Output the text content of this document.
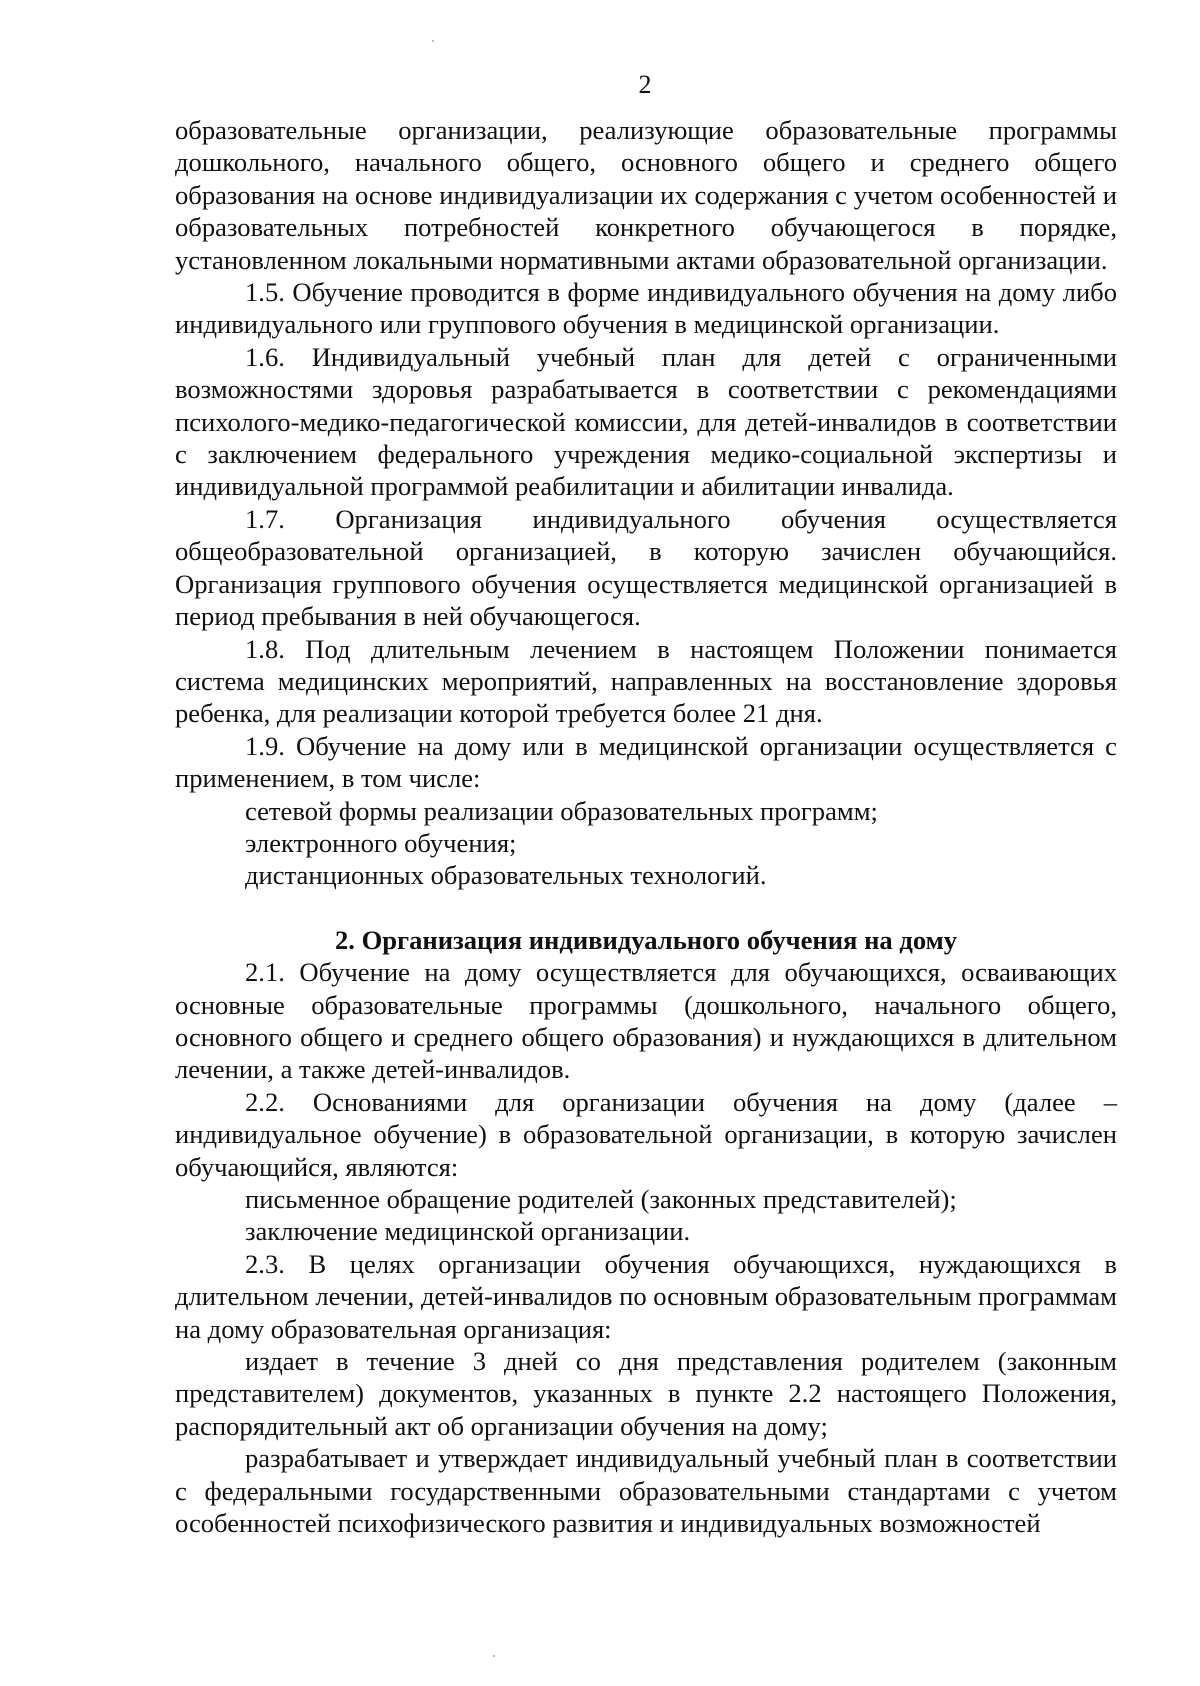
2

образовательные организации, реализующие образовательные программы дошкольного, начального общего, основного общего и среднего общего образования на основе индивидуализации их содержания с учетом особенностей и образовательных потребностей конкретного обучающегося в порядке, установленном локальными нормативными актами образовательной организации.

1.5. Обучение проводится в форме индивидуального обучения на дому либо индивидуального или группового обучения в медицинской организации.

1.6. Индивидуальный учебный план для детей с ограниченными возможностями здоровья разрабатывается в соответствии с рекомендациями психолого-медико-педагогической комиссии, для детей-инвалидов в соответствии с заключением федерального учреждения медико-социальной экспертизы и индивидуальной программой реабилитации и абилитации инвалида.

1.7. Организация индивидуального обучения осуществляется общеобразовательной организацией, в которую зачислен обучающийся. Организация группового обучения осуществляется медицинской организацией в период пребывания в ней обучающегося.

1.8. Под длительным лечением в настоящем Положении понимается система медицинских мероприятий, направленных на восстановление здоровья ребенка, для реализации которой требуется более 21 дня.

1.9. Обучение на дому или в медицинской организации осуществляется с применением, в том числе:

сетевой формы реализации образовательных программ;

электронного обучения;

дистанционных образовательных технологий.

2. Организация индивидуального обучения на дому

2.1. Обучение на дому осуществляется для обучающихся, осваивающих основные образовательные программы (дошкольного, начального общего, основного общего и среднего общего образования) и нуждающихся в длительном лечении, а также детей-инвалидов.

2.2. Основаниями для организации обучения на дому (далее – индивидуальное обучение) в образовательной организации, в которую зачислен обучающийся, являются:

письменное обращение родителей (законных представителей);

заключение медицинской организации.

2.3. В целях организации обучения обучающихся, нуждающихся в длительном лечении, детей-инвалидов по основным образовательным программам на дому образовательная организация:

издает в течение 3 дней со дня представления родителем (законным представителем) документов, указанных в пункте 2.2 настоящего Положения, распорядительный акт об организации обучения на дому;

разрабатывает и утверждает индивидуальный учебный план в соответствии с федеральными государственными образовательными стандартами с учетом особенностей психофизического развития и индивидуальных возможностей
